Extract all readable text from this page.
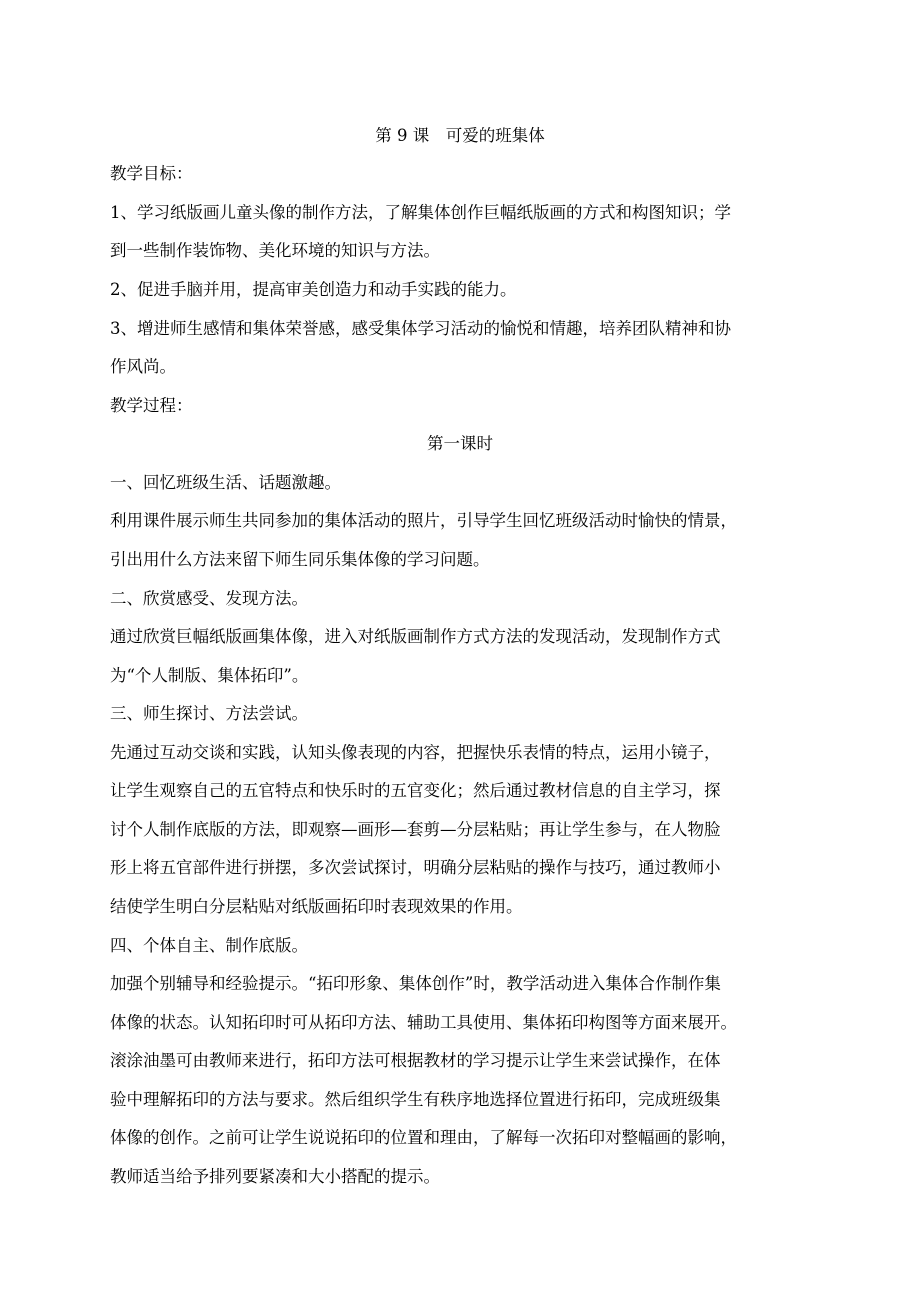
第 9 课　可爱的班集体
教学目标：
1、学习纸版画儿童头像的制作方法，了解集体创作巨幅纸版画的方式和构图知识；学
到一些制作装饰物、美化环境的知识与方法。
2、促进手脑并用，提高审美创造力和动手实践的能力。
3、增进师生感情和集体荣誉感，感受集体学习活动的愉悦和情趣，培养团队精神和协
作风尚。
教学过程：
第一课时
一、回忆班级生活、话题激趣。
利用课件展示师生共同参加的集体活动的照片，引导学生回忆班级活动时愉快的情景，
引出用什么方法来留下师生同乐集体像的学习问题。
二、欣赏感受、发现方法。
通过欣赏巨幅纸版画集体像，进入对纸版画制作方式方法的发现活动，发现制作方式
为“个人制版、集体拓印”。
三、师生探讨、方法尝试。
先通过互动交谈和实践，认知头像表现的内容，把握快乐表情的特点，运用小镜子，
让学生观察自己的五官特点和快乐时的五官变化；然后通过教材信息的自主学习，探
讨个人制作底版的方法，即观察—画形—套剪—分层粘贴；再让学生参与，在人物脸
形上将五官部件进行拼摆，多次尝试探讨，明确分层粘贴的操作与技巧，通过教师小
结使学生明白分层粘贴对纸版画拓印时表现效果的作用。
四、个体自主、制作底版。
加强个别辅导和经验提示。“拓印形象、集体创作”时，教学活动进入集体合作制作集
体像的状态。认知拓印时可从拓印方法、辅助工具使用、集体拓印构图等方面来展开。
滚涂油墨可由教师来进行，拓印方法可根据教材的学习提示让学生来尝试操作，在体
验中理解拓印的方法与要求。然后组织学生有秩序地选择位置进行拓印，完成班级集
体像的创作。之前可让学生说说拓印的位置和理由，了解每一次拓印对整幅画的影响，
教师适当给予排列要紧凑和大小搭配的提示。
